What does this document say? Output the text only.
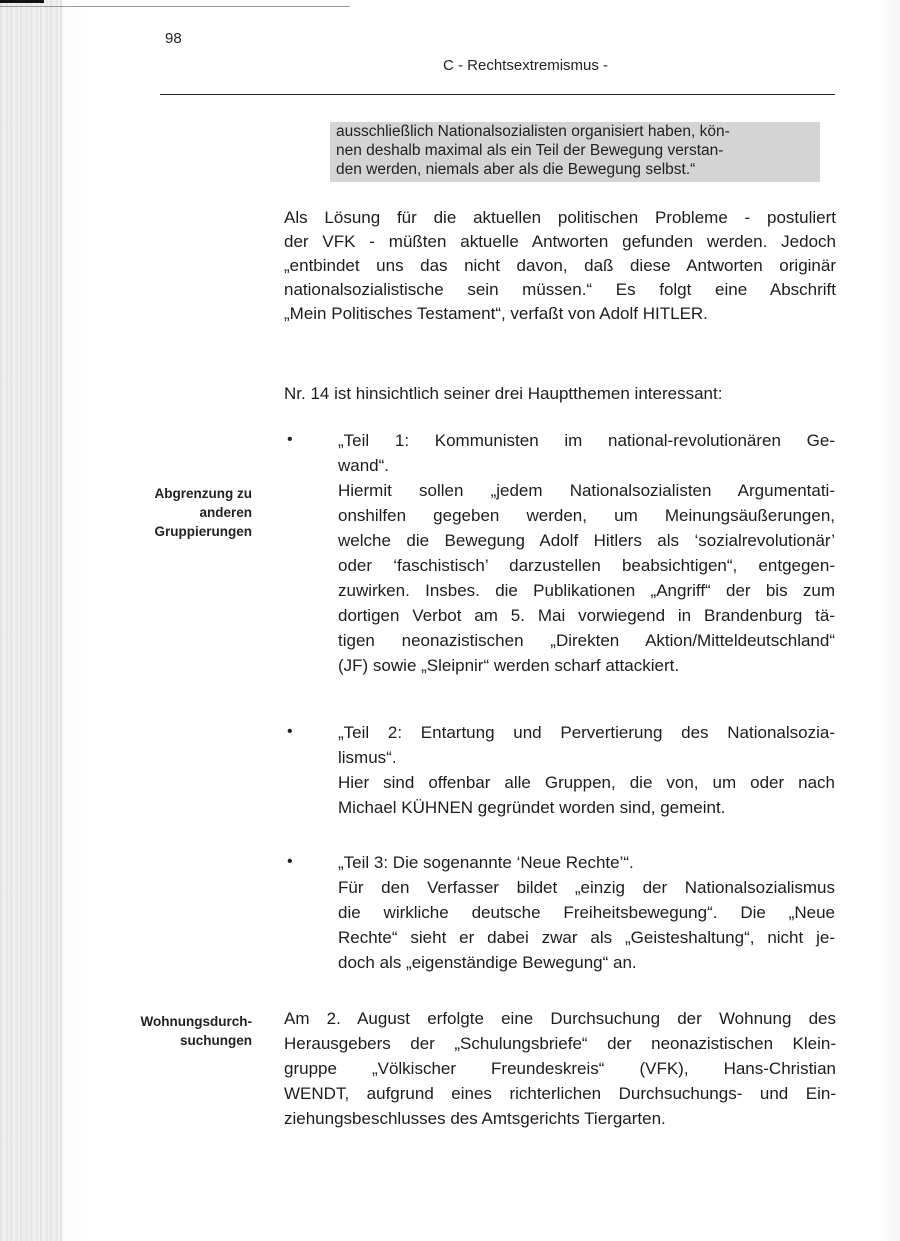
98
C - Rechtsextremismus -
ausschließlich Nationalsozialisten organisiert haben, kön-
nen deshalb maximal als ein Teil der Bewegung verstan-
den werden, niemals aber als die Bewegung selbst.“
Als Lösung für die aktuellen politischen Probleme - postuliert
der VFK - müßten aktuelle Antworten gefunden werden. Jedoch
„entbindet uns das nicht davon, daß diese Antworten originär
nationalsozialistische sein müssen.“ Es folgt eine Abschrift
„Mein Politisches Testament“, verfaßt von Adolf HITLER.
Nr. 14 ist hinsichtlich seiner drei Hauptthemen interessant:
Abgrenzung zu
anderen
Gruppierungen
•	„Teil 1: Kommunisten im national-revolutionären Ge-
wand“.
Hiermit sollen „jedem Nationalsozialisten Argumentati-
onshilfen gegeben werden, um Meinungsäußerungen,
welche die Bewegung Adolf Hitlers als ‘sozialrevolutionär’
oder ‘faschistisch’ darzustellen beabsichtigen“, entgegen-
zuwirken. Insbes. die Publikationen „Angriff“ der bis zum
dortigen Verbot am 5. Mai vorwiegend in Brandenburg tä-
tigen neonazistischen „Direkten Aktion/Mitteldeutschland“
(JF) sowie „Sleipnir“ werden scharf attackiert.
•	„Teil 2: Entartung und Pervertierung des Nationalsozia-
lismus“.
Hier sind offenbar alle Gruppen, die von, um oder nach
Michael KÜHNEN gegründet worden sind, gemeint.
•	„Teil 3: Die sogenannte ‘Neue Rechte’“.
Für den Verfasser bildet „einzig der Nationalsozialismus
die wirkliche deutsche Freiheitsbewegung“. Die „Neue
Rechte“ sieht er dabei zwar als „Geisteshaltung“, nicht je-
doch als „eigenständige Bewegung“ an.
Wohnungsdurch-
suchungen
Am 2. August erfolgte eine Durchsuchung der Wohnung des
Herausgebers der „Schulungsbriefe“ der neonazistischen Klein-
gruppe „Völkischer Freundeskreis“ (VFK), Hans-Christian
WENDT, aufgrund eines richterlichen Durchsuchungs- und Ein-
ziehungsbeschlusses des Amtsgerichts Tiergarten.
